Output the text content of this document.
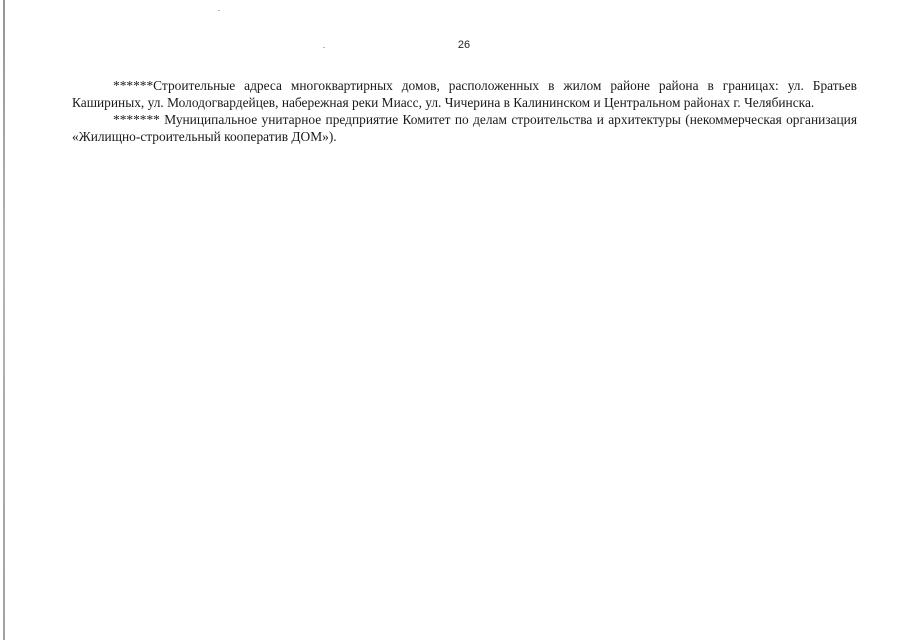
26

******Строительные адреса многоквартирных домов, расположенных в жилом районе района в границах: ул. Братьев Кашириных, ул. Молодогвардейцев, набережная реки Миасс, ул. Чичерина в Калининском и Центральном районах г. Челябинска.

******* Муниципальное унитарное предприятие Комитет по делам строительства и архитектуры (некоммерческая организация «Жилищно-строительный кооператив ДОМ»).
